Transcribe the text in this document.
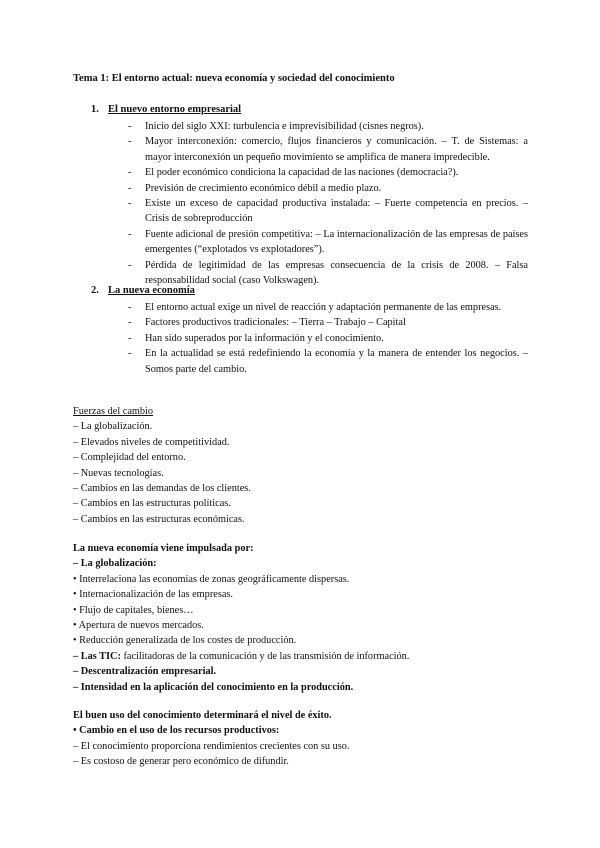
Tema 1: El entorno actual: nueva economía y sociedad del conocimiento
1. El nuevo entorno empresarial
- Inicio del siglo XXI: turbulencia e imprevisibilidad (cisnes negros).
- Mayor interconexión: comercio, flujos financieros y comunicación. – T. de Sistemas: a mayor interconexión un pequeño movimiento se amplifica de manera impredecible.
- El poder económico condiciona la capacidad de las naciones (democracia?).
- Previsión de crecimiento económico débil a medio plazo.
- Existe un exceso de capacidad productiva instalada: – Fuerte competencia en precios. – Crisis de sobreproducción
- Fuente adicional de presión competitiva: – La internacionalización de las empresas de países emergentes (“explotados vs explotadores”).
- Pérdida de legitimidad de las empresas consecuencia de la crisis de 2008. – Falsa responsabilidad social (caso Volkswagen).
2. La nueva economía
- El entorno actual exige un nivel de reacción y adaptación permanente de las empresas.
- Factores productivos tradicionales: – Tierra – Trabajo – Capital
- Han sido superados por la información y el conocimiento.
- En la actualidad se está redefiniendo la economía y la manera de entender los negocios. – Somos parte del cambio.
Fuerzas del cambio
– La globalización.
– Elevados niveles de competitividad.
– Complejidad del entorno.
– Nuevas tecnologías.
– Cambios en las demandas de los clientes.
– Cambios en las estructuras políticas.
– Cambios en las estructuras económicas.
La nueva economía viene impulsada por:
– La globalización:
• Interrelaciona las economías de zonas geográficamente dispersas.
• Internacionalización de las empresas.
• Flujo de capitales, bienes…
• Apertura de nuevos mercados.
• Reducción generalizada de los costes de producción.
– Las TIC: facilitadoras de la comunicación y de las transmisión de información.
– Descentralización empresarial.
– Intensidad en la aplicación del conocimiento en la producción.
El buen uso del conocimiento determinará el nivel de éxito.
• Cambio en el uso de los recursos productivos:
– El conocimiento proporciona rendimientos crecientes con su uso.
– Es costoso de generar pero económico de difundir.
